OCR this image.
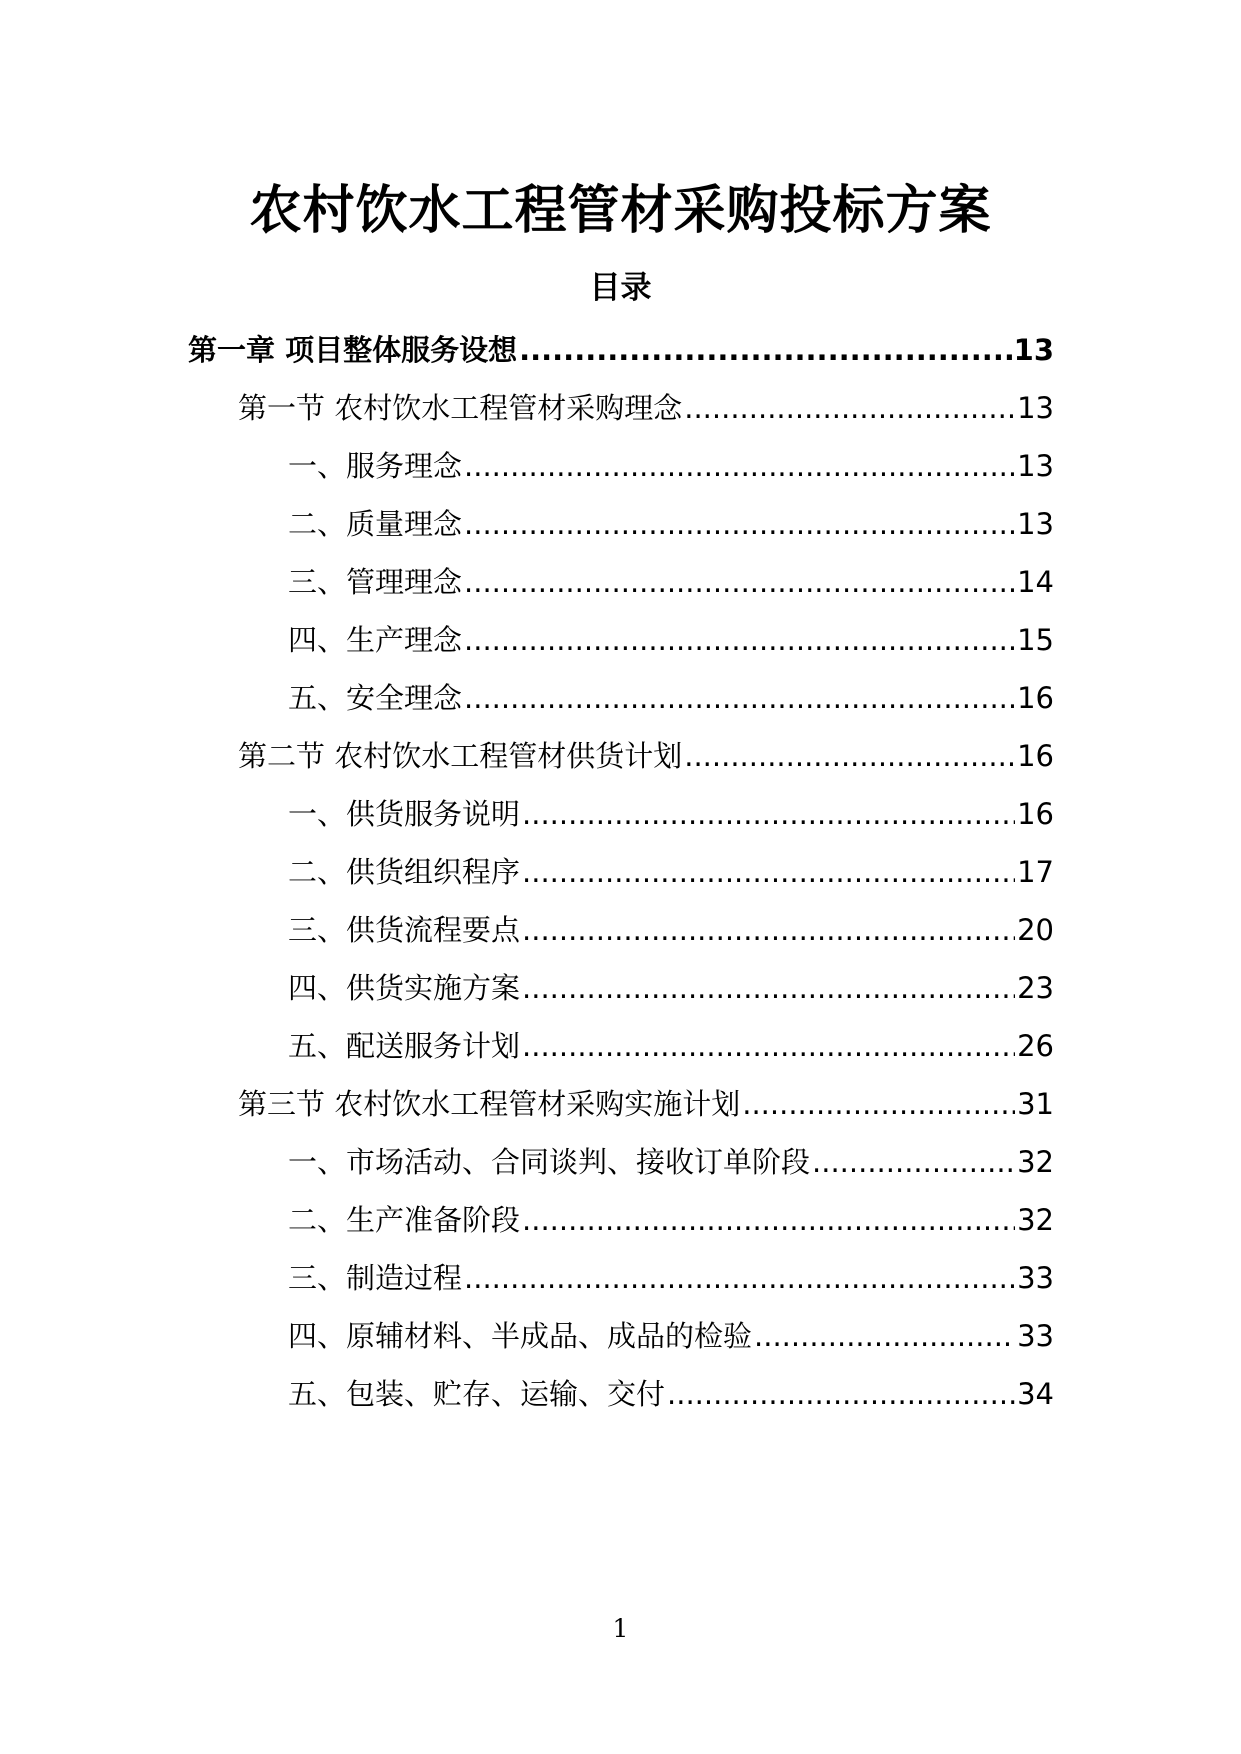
农村饮水工程管材采购投标方案
目录
第一章 项目整体服务设想 .....	13
第一节 农村饮水工程管材采购理念 .....	13
一、服务理念 .....	13
二、质量理念 .....	13
三、管理理念 .....	14
四、生产理念 .....	15
五、安全理念 .....	16
第二节 农村饮水工程管材供货计划 .....	16
一、供货服务说明 .....	16
二、供货组织程序 .....	17
三、供货流程要点 .....	20
四、供货实施方案 .....	23
五、配送服务计划 .....	26
第三节 农村饮水工程管材采购实施计划 .....	31
一、市场活动、合同谈判、接收订单阶段 .....	32
二、生产准备阶段 .....	32
三、制造过程 .....	33
四、原辅材料、半成品、成品的检验 .....	33
五、包装、贮存、运输、交付 .....	34
1
